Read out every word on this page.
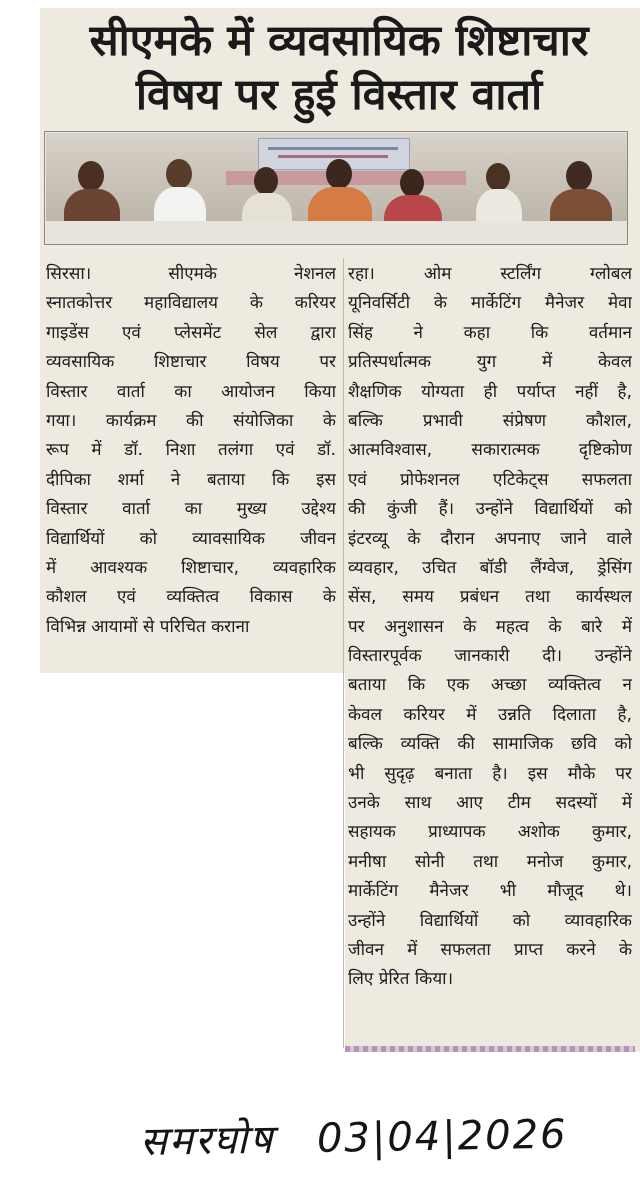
सीएमके में व्यवसायिक शिष्टाचार
विषय पर हुई विस्तार वार्ता
सिरसा। सीएमके नेशनल
स्नातकोत्तर महाविद्यालय के करियर
गाइडेंस एवं प्लेसमेंट सेल द्वारा
व्यवसायिक शिष्टाचार विषय पर
विस्तार वार्ता का आयोजन किया
गया। कार्यक्रम की संयोजिका के
रूप में डॉ. निशा तलंगा एवं डॉ.
दीपिका शर्मा ने बताया कि इस
विस्तार वार्ता का मुख्य उद्देश्य
विद्यार्थियों को व्यावसायिक जीवन
में आवश्यक शिष्टाचार, व्यवहारिक
कौशल एवं व्यक्तित्व विकास के
विभिन्न आयामों से परिचित कराना
रहा। ओम स्टर्लिंग ग्लोबल
यूनिवर्सिटी के मार्केटिंग मैनेजर मेवा
सिंह ने कहा कि वर्तमान
प्रतिस्पर्धात्मक युग में केवल
शैक्षणिक योग्यता ही पर्याप्त नहीं है,
बल्कि प्रभावी संप्रेषण कौशल,
आत्मविश्वास, सकारात्मक दृष्टिकोण
एवं प्रोफेशनल एटिकेट्स सफलता
की कुंजी हैं। उन्होंने विद्यार्थियों को
इंटरव्यू के दौरान अपनाए जाने वाले
व्यवहार, उचित बॉडी लैंग्वेज, ड्रेसिंग
सेंस, समय प्रबंधन तथा कार्यस्थल
पर अनुशासन के महत्व के बारे में
विस्तारपूर्वक जानकारी दी। उन्होंने
बताया कि एक अच्छा व्यक्तित्व न
केवल करियर में उन्नति दिलाता है,
बल्कि व्यक्ति की सामाजिक छवि को
भी सुदृढ़ बनाता है। इस मौके पर
उनके साथ आए टीम सदस्यों में
सहायक प्राध्यापक अशोक कुमार,
मनीषा सोनी तथा मनोज कुमार,
मार्केटिंग मैनेजर भी मौजूद थे।
उन्होंने विद्यार्थियों को व्यावहारिक
जीवन में सफलता प्राप्त करने के
लिए प्रेरित किया।
समरघोष 03|04|2026
